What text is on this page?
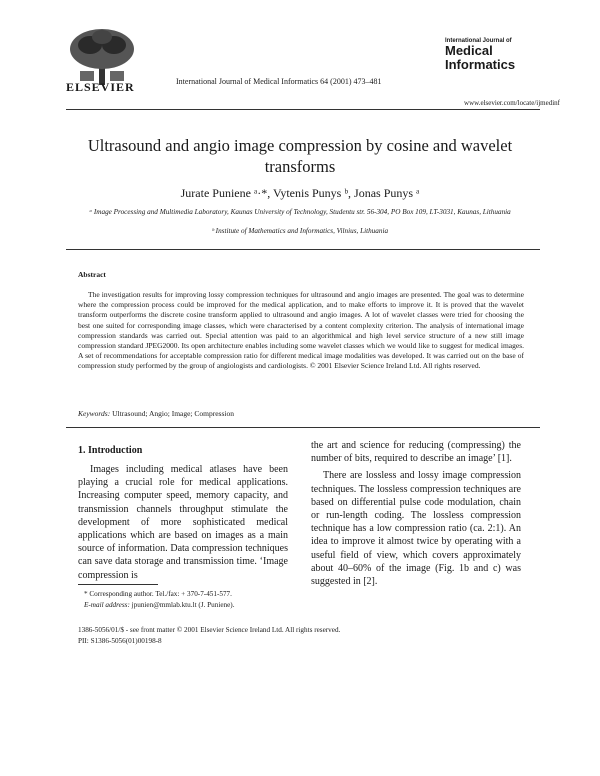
ELSEVIER	International Journal of Medical Informatics 64 (2001) 473–481
International Journal of
Medical
Informatics
www.elsevier.com/locate/ijmedinf
Ultrasound and angio image compression by cosine and wavelet transforms
Jurate Puniene ᵃ·*, Vytenis Punys ᵇ, Jonas Punys ᵃ
ᵃ Image Processing and Multimedia Laboratory, Kaunas University of Technology, Studentu str. 56-304, PO Box 109, LT-3031, Kaunas, Lithuania
ᵇ Institute of Mathematics and Informatics, Vilnius, Lithuania
Abstract
The investigation results for improving lossy compression techniques for ultrasound and angio images are presented. The goal was to determine where the compression process could be improved for the medical application, and to make efforts to improve it. It is proved that the wavelet transform outperforms the discrete cosine transform applied to ultrasound and angio images. A lot of wavelet classes were tried for choosing the best one suited for corresponding image classes, which were characterised by a content complexity criterion. The analysis of international image compression standards was carried out. Special attention was paid to an algorithmical and high level service structure of a new still image compression standard JPEG2000. Its open architecture enables including some wavelet classes which we would like to suggest for medical images. A set of recommendations for acceptable compression ratio for different medical image modalities was developed. It was carried out on the base of compression study performed by the group of angiologists and cardiologists. © 2001 Elsevier Science Ireland Ltd. All rights reserved.
Keywords: Ultrasound; Angio; Image; Compression
1. Introduction
Images including medical atlases have been playing a crucial role for medical applications. Increasing computer speed, memory capacity, and transmission channels throughput stimulate the development of more sophisticated medical applications which are based on images as a main source of information. Data compression techniques can save data storage and transmission time. ‘Image compression is

the art and science for reducing (compressing) the number of bits, required to describe an image’ [1].

There are lossless and lossy image compression techniques. The lossless compression techniques are based on differential pulse code modulation, chain or run-length coding. The lossless compression technique has a low compression ratio (ca. 2:1). An idea to improve it almost twice by operating with a useful field of view, which covers approximately about 40–60% of the image (Fig. 1b and c) was suggested in [2].

* Corresponding author. Tel./fax: + 370-7-451-577.
E-mail address: jpunien@mmlab.ktu.lt (J. Puniene).
1386-5056/01/$ - see front matter © 2001 Elsevier Science Ireland Ltd. All rights reserved.
PII: S1386-5056(01)00198-8
